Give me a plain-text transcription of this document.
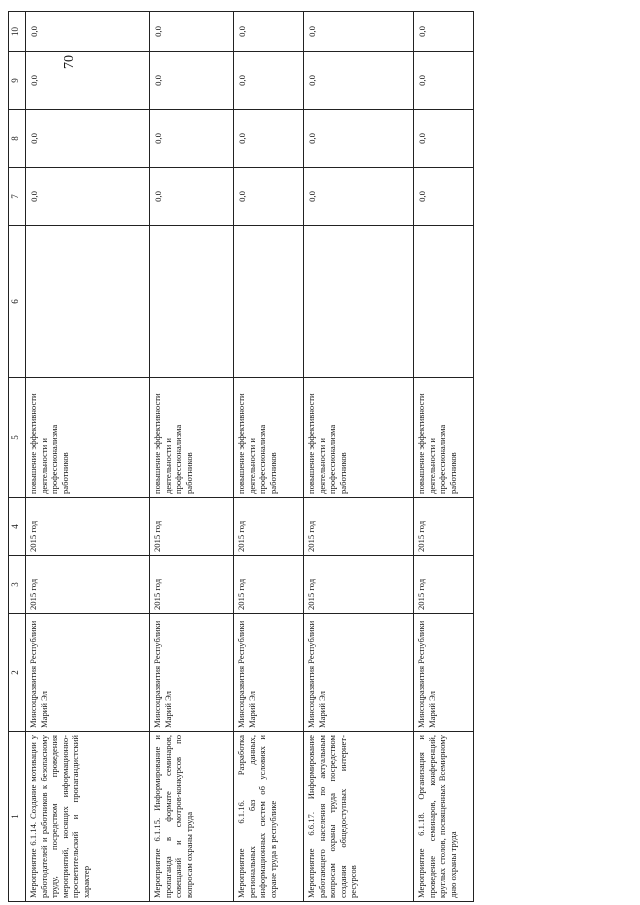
70
1	2	3	4	5	6	7	8	9	10
Мероприятие 6.1.14. Создание мотивации у работодателей и работников к безопасному труду, посредством проведения мероприятий, носящих информационно-просветительский и пропагандистский характер	Минсоцразвития Республики Марий Эл	2015 год	2015 год	повышение эффективности деятельности и профессионализма работников		0,0	0,0	0,0	0,0
Мероприятие 6.1.15. Информирование и пропаганда в формате семинаров, совещаний и смотров-конкурсов по вопросам охраны труда	Минсоцразвития Республики Марий Эл	2015 год	2015 год	повышение эффективности деятельности и профессионализма работников		0,0	0,0	0,0	0,0
Мероприятие 6.1.16. Разработка региональных баз данных, информационных систем об условиях и охране труда в республике	Минсоцразвития Республики Марий Эл	2015 год	2015 год	повышение эффективности деятельности и профессионализма работников		0,0	0,0	0,0	0,0
Мероприятие 6.6.17. Информирование работающего населения по актуальным вопросам охраны труда посредством создания общедоступных интернет-ресурсов	Минсоцразвития Республики Марий Эл	2015 год	2015 год	повышение эффективности деятельности и профессионализма работников		0,0	0,0	0,0	0,0
Мероприятие 6.1.18. Организация и проведение семинаров, конференций, круглых столов, посвященных Всемирному дню охраны труда	Минсоцразвития Республики Марий Эл	2015 год	2015 год	повышение эффективности деятельности и профессионализма работников		0,0	0,0	0,0	0,0
